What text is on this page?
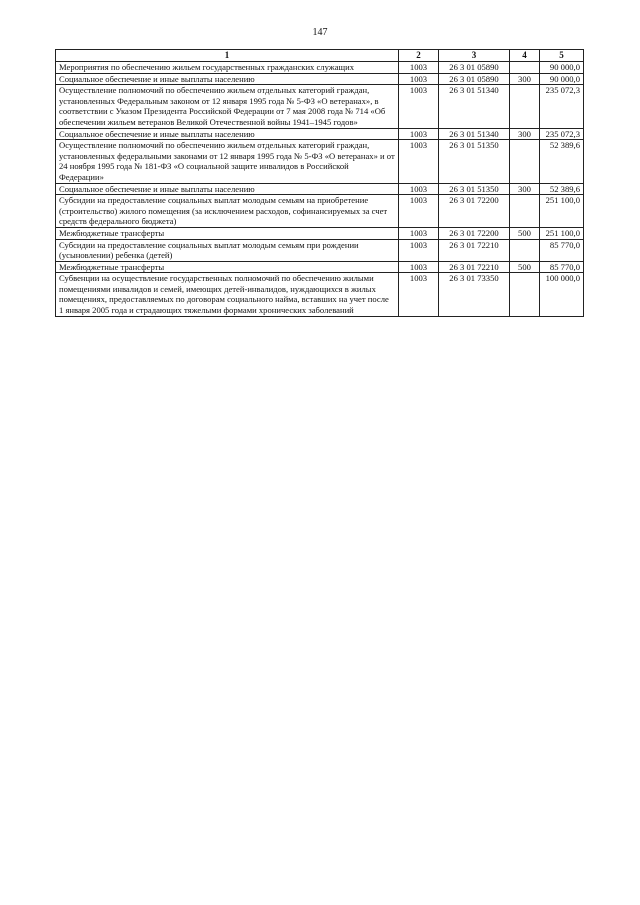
147
1	2	3	4	5
Мероприятия по обеспечению жильем государственных гражданских служащих	1003	26 3 01 05890		90 000,0
Социальное обеспечение и иные выплаты населению	1003	26 3 01 05890	300	90 000,0
Осуществление полномочий по обеспечению жильем отдельных категорий граждан, установленных Федеральным законом от 12 января 1995 года № 5-ФЗ «О ветеранах», в соответствии с Указом Президента Российской Федерации от 7 мая 2008 года № 714 «Об обеспечении жильем ветеранов Великой Отечественной войны 1941–1945 годов»	1003	26 3 01 51340		235 072,3
Социальное обеспечение и иные выплаты населению	1003	26 3 01 51340	300	235 072,3
Осуществление полномочий по обеспечению жильем отдельных категорий граждан, установленных федеральными законами от 12 января 1995 года № 5-ФЗ «О ветеранах» и от 24 ноября 1995 года № 181-ФЗ «О социальной защите инвалидов в Российской Федерации»	1003	26 3 01 51350		52 389,6
Социальное обеспечение и иные выплаты населению	1003	26 3 01 51350	300	52 389,6
Субсидии на предоставление социальных выплат молодым семьям на приобретение (строительство) жилого помещения (за исключением расходов, софинансируемых за счет средств федерального бюджета)	1003	26 3 01 72200		251 100,0
Межбюджетные трансферты	1003	26 3 01 72200	500	251 100,0
Субсидии на предоставление социальных выплат молодым семьям при рождении (усыновлении) ребенка (детей)	1003	26 3 01 72210		85 770,0
Межбюджетные трансферты	1003	26 3 01 72210	500	85 770,0
Субвенции на осуществление государственных полномочий по обеспечению жилыми помещениями инвалидов и семей, имеющих детей-инвалидов, нуждающихся в жилых помещениях, предоставляемых по договорам социального найма, вставших на учет после 1 января 2005 года и страдающих тяжелыми формами хронических заболеваний	1003	26 3 01 73350		100 000,0
